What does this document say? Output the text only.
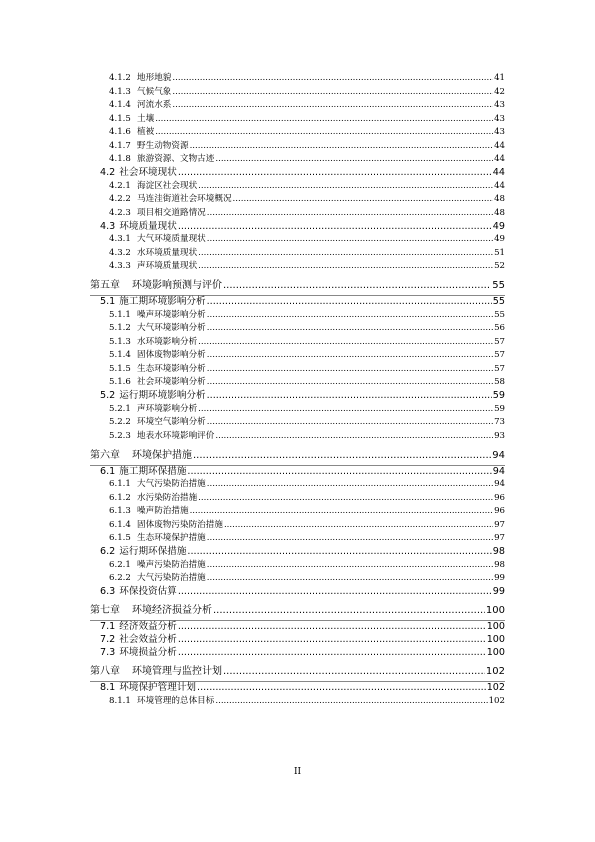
4.1.2 地形地貌 .....	41
4.1.3 气候气象 .....	42
4.1.4 河流水系 .....	43
4.1.5 土壤 .....	43
4.1.6 植被 .....	43
4.1.7 野生动物资源 .....	44
4.1.8 旅游资源、文物古迹 .....	44
4.2 社会环境现状 .....	44
4.2.1 海淀区社会现状 .....	44
4.2.2 马连洼街道社会环境概况 .....	48
4.2.3 项目相交道路情况 .....	48
4.3 环境质量现状 .....	49
4.3.1 大气环境质量现状 .....	49
4.3.2 水环境质量现状 .....	51
4.3.3 声环境质量现状 .....	52
第五章 环境影响预测与评价 .....	55
5.1 施工期环境影响分析 .....	55
5.1.1 噪声环境影响分析 .....	55
5.1.2 大气环境影响分析 .....	56
5.1.3 水环境影响分析 .....	57
5.1.4 固体废物影响分析 .....	57
5.1.5 生态环境影响分析 .....	57
5.1.6 社会环境影响分析 .....	58
5.2 运行期环境影响分析 .....	59
5.2.1 声环境影响分析 .....	59
5.2.2 环境空气影响分析 .....	73
5.2.3 地表水环境影响评价 .....	93
第六章 环境保护措施 .....	94
6.1 施工期环保措施 .....	94
6.1.1 大气污染防治措施 .....	94
6.1.2 水污染防治措施 .....	96
6.1.3 噪声防治措施 .....	96
6.1.4 固体废物污染防治措施 .....	97
6.1.5 生态环境保护措施 .....	97
6.2 运行期环保措施 .....	98
6.2.1 噪声污染防治措施 .....	98
6.2.2 大气污染防治措施 .....	99
6.3 环保投资估算 .....	99
第七章 环境经济损益分析 .....	100
7.1 经济效益分析 .....	100
7.2 社会效益分析 .....	100
7.3 环境损益分析 .....	100
第八章 环境管理与监控计划 .....	102
8.1 环境保护管理计划 .....	102
8.1.1 环境管理的总体目标 .....	102
II
